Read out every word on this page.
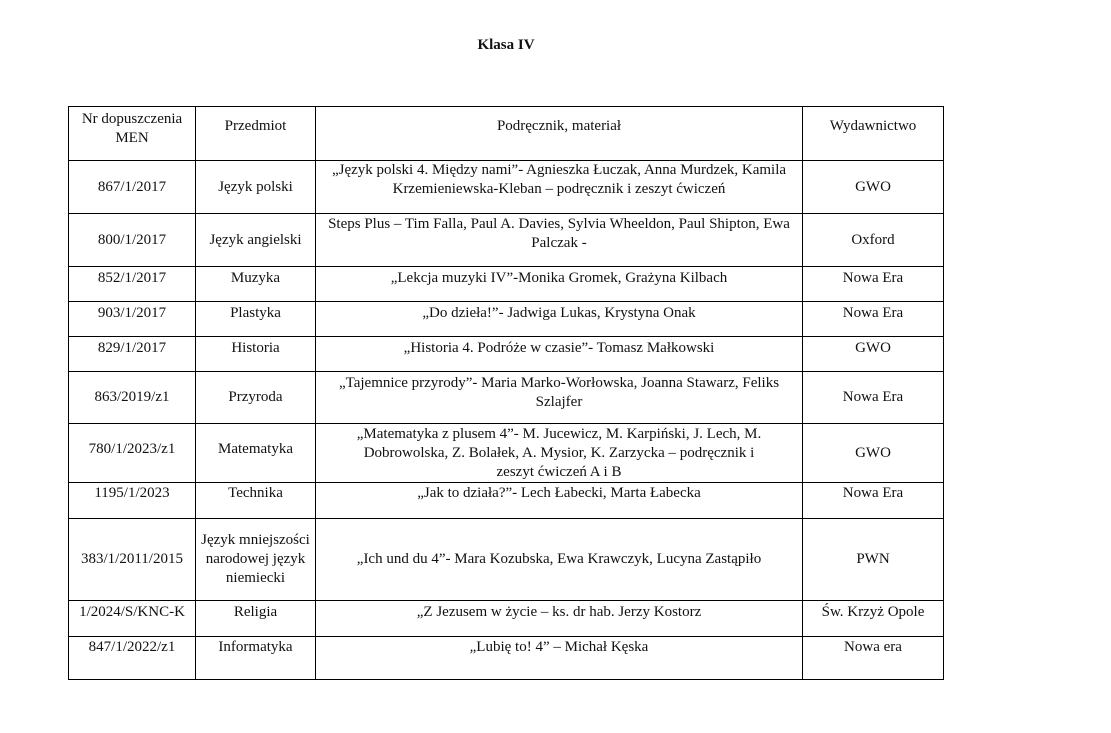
Klasa IV
Nr dopuszczenia MEN	Przedmiot	Podręcznik, materiał	Wydawnictwo
867/1/2017	Język polski	„Język polski 4. Między nami”- Agnieszka Łuczak, Anna Murdzek, Kamila Krzemieniewska-Kleban – podręcznik i zeszyt ćwiczeń	GWO
800/1/2017	Język angielski	Steps Plus – Tim Falla, Paul A. Davies, Sylvia Wheeldon, Paul Shipton, Ewa Palczak -	Oxford
852/1/2017	Muzyka	„Lekcja muzyki IV”-Monika Gromek, Grażyna Kilbach	Nowa Era
903/1/2017	Plastyka	„Do dzieła!”- Jadwiga Lukas, Krystyna Onak	Nowa Era
829/1/2017	Historia	„Historia 4. Podróże w czasie”- Tomasz Małkowski	GWO
863/2019/z1	Przyroda	„Tajemnice przyrody”- Maria Marko-Worłowska, Joanna Stawarz, Feliks Szlajfer	Nowa Era
780/1/2023/z1	Matematyka	„Matematyka z plusem 4”- M. Jucewicz, M. Karpiński, J. Lech, M. Dobrowolska, Z. Bolałek, A. Mysior, K. Zarzycka – podręcznik i zeszyt ćwiczeń A i B	GWO
1195/1/2023	Technika	„Jak to działa?”- Lech Łabecki, Marta Łabecka	Nowa Era
383/1/2011/2015	Język mniejszości narodowej język niemiecki	„Ich und du 4”- Mara Kozubska, Ewa Krawczyk, Lucyna Zastąpiło	PWN
1/2024/S/KNC-K	Religia	„Z Jezusem w życie – ks. dr hab. Jerzy Kostorz	Św. Krzyż Opole
847/1/2022/z1	Informatyka	„Lubię to! 4” – Michał Kęska	Nowa era
